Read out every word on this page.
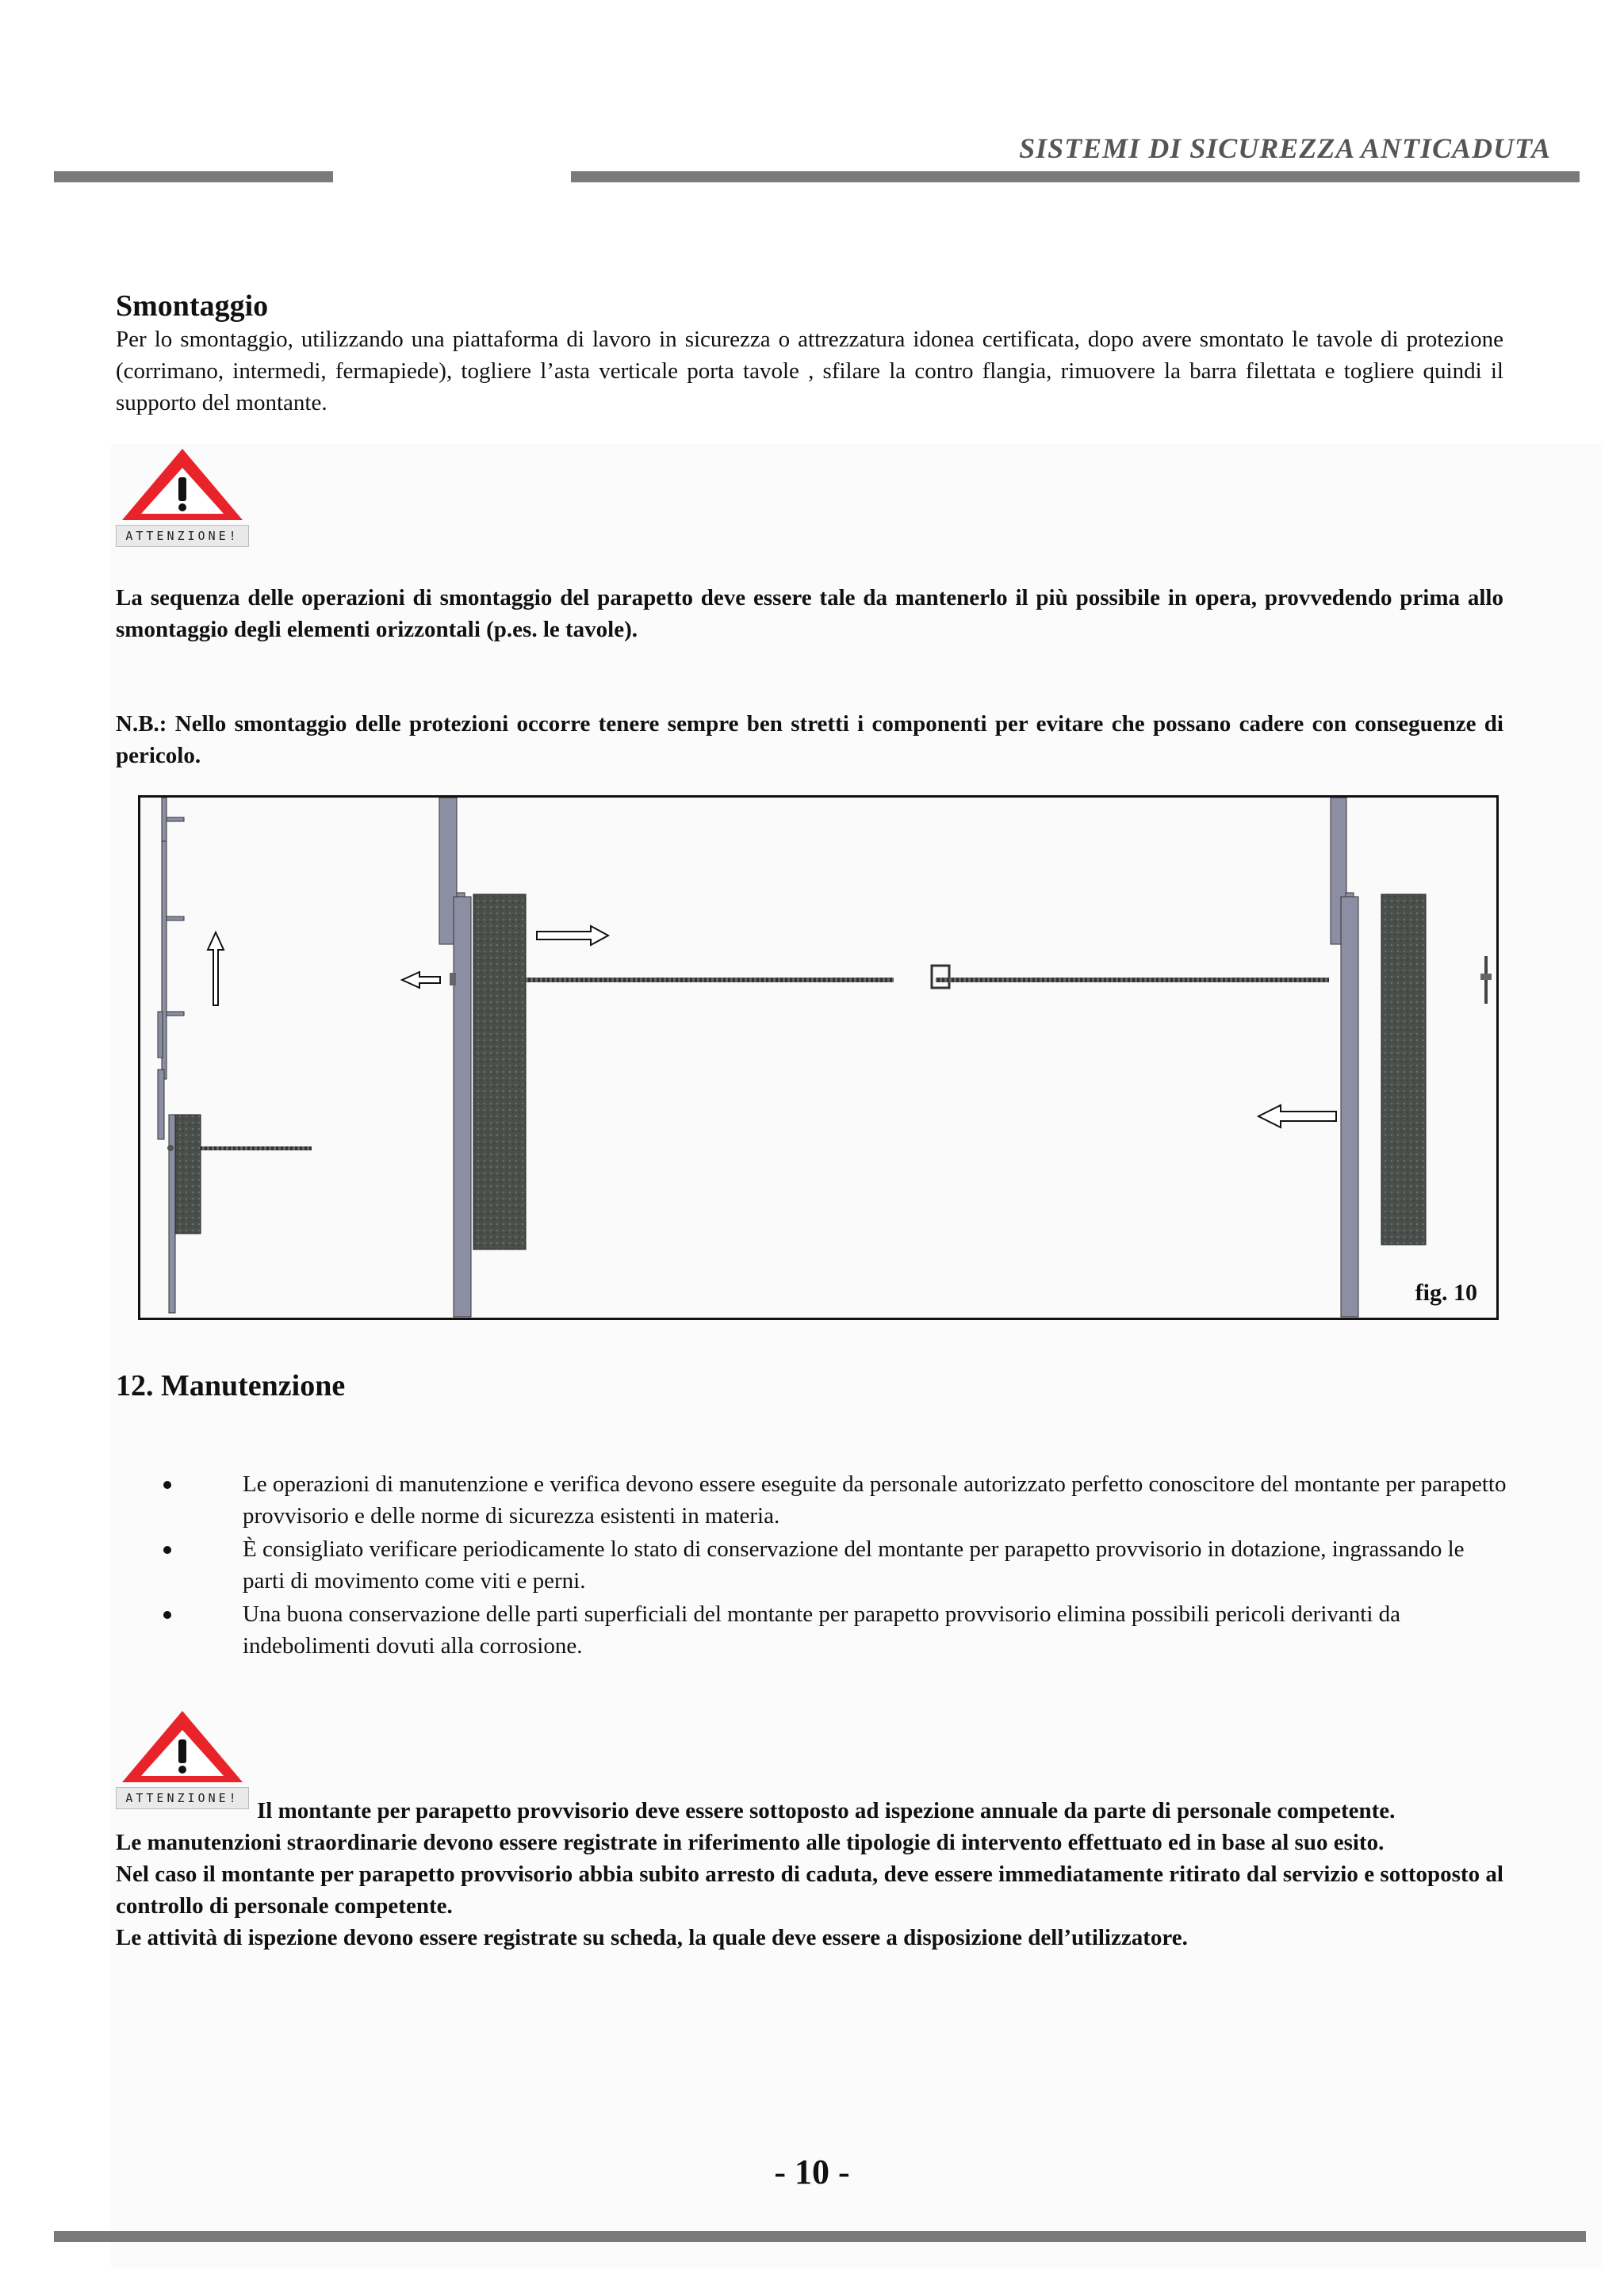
SISTEMI DI SICUREZZA ANTICADUTA
Smontaggio
Per lo smontaggio, utilizzando una piattaforma di lavoro in sicurezza o attrezzatura idonea certificata, dopo avere smontato le tavole di protezione (corrimano, intermedi, fermapiede), togliere l’asta verticale porta tavole , sfilare la contro flangia, rimuovere la barra filettata e togliere quindi il supporto del montante.
ATTENZIONE!
La sequenza delle operazioni di smontaggio del parapetto deve essere tale da mantenerlo il più possibile in opera, provvedendo prima allo smontaggio degli elementi orizzontali (p.es. le tavole).
N.B.: Nello smontaggio delle protezioni occorre tenere sempre ben stretti i componenti per evitare che possano cadere con conseguenze di pericolo.
fig. 10
12. Manutenzione
Le operazioni di manutenzione e verifica devono essere eseguite da personale autorizzato perfetto conoscitore del montante per parapetto provvisorio e delle norme di sicurezza esistenti in materia.
È consigliato verificare periodicamente lo stato di conservazione del montante per parapetto provvisorio in dotazione, ingrassando le parti di movimento come viti e perni.
Una buona conservazione delle parti superficiali del montante per parapetto provvisorio elimina possibili pericoli derivanti da indebolimenti dovuti alla corrosione.
ATTENZIONE! Il montante per parapetto provvisorio deve essere sottoposto ad ispezione annuale da parte di personale competente.
Le manutenzioni straordinarie devono essere registrate in riferimento alle tipologie di intervento effettuato ed in base al suo esito.
Nel caso il montante per parapetto provvisorio abbia subito arresto di caduta, deve essere immediatamente ritirato dal servizio e sottoposto al controllo di personale competente.
Le attività di ispezione devono essere registrate su scheda, la quale deve essere a disposizione dell’utilizzatore.
- 10 -
